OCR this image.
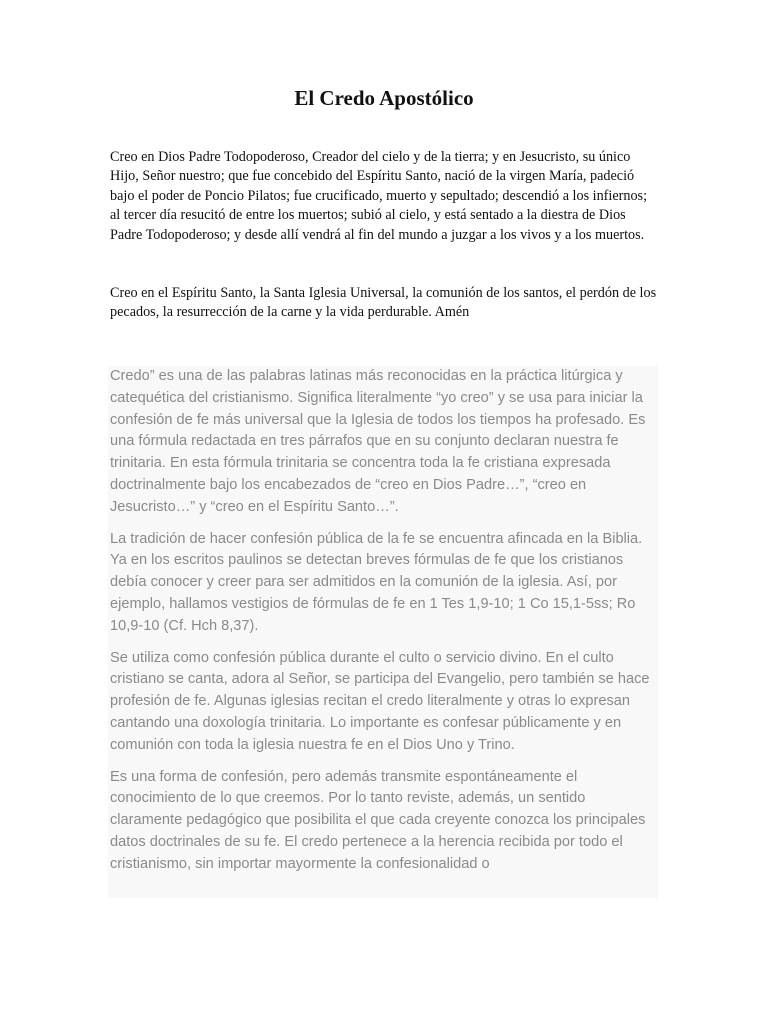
El Credo Apostólico

Creo en Dios Padre Todopoderoso, Creador del cielo y de la tierra; y en Jesucristo, su único Hijo, Señor nuestro; que fue concebido del Espíritu Santo, nació de la virgen María, padeció bajo el poder de Poncio Pilatos; fue crucificado, muerto y sepultado; descendió a los infiernos; al tercer día resucitó de entre los muertos; subió al cielo, y está sentado a la diestra de Dios Padre Todopoderoso; y desde allí vendrá al fin del mundo a juzgar a los vivos y a los muertos.

Creo en el Espíritu Santo, la Santa Iglesia Universal, la comunión de los santos, el perdón de los pecados, la resurrección de la carne y la vida perdurable. Amén

Credo” es una de las palabras latinas más reconocidas en la práctica litúrgica y catequética del cristianismo. Significa literalmente “yo creo” y se usa para iniciar la confesión de fe más universal que la Iglesia de todos los tiempos ha profesado. Es una fórmula redactada en tres párrafos que en su conjunto declaran nuestra fe trinitaria. En esta fórmula trinitaria se concentra toda la fe cristiana expresada doctrinalmente bajo los encabezados de “creo en Dios Padre…”, “creo en Jesucristo…” y “creo en el Espíritu Santo…”.

La tradición de hacer confesión pública de la fe se encuentra afincada en la Biblia. Ya en los escritos paulinos se detectan breves fórmulas de fe que los cristianos debía conocer y creer para ser admitidos en la comunión de la iglesia. Así, por ejemplo, hallamos vestigios de fórmulas de fe en 1 Tes 1,9-10; 1 Co 15,1-5ss; Ro 10,9-10 (Cf. Hch 8,37).

Se utiliza como confesión pública durante el culto o servicio divino. En el culto cristiano se canta, adora al Señor, se participa del Evangelio, pero también se hace profesión de fe. Algunas iglesias recitan el credo literalmente y otras lo expresan cantando una doxología trinitaria. Lo importante es confesar públicamente y en comunión con toda la iglesia nuestra fe en el Dios Uno y Trino.

Es una forma de confesión, pero además transmite espontáneamente el conocimiento de lo que creemos. Por lo tanto reviste, además, un sentido claramente pedagógico que posibilita el que cada creyente conozca los principales datos doctrinales de su fe. El credo pertenece a la herencia recibida por todo el cristianismo, sin importar mayormente la confesionalidad o
